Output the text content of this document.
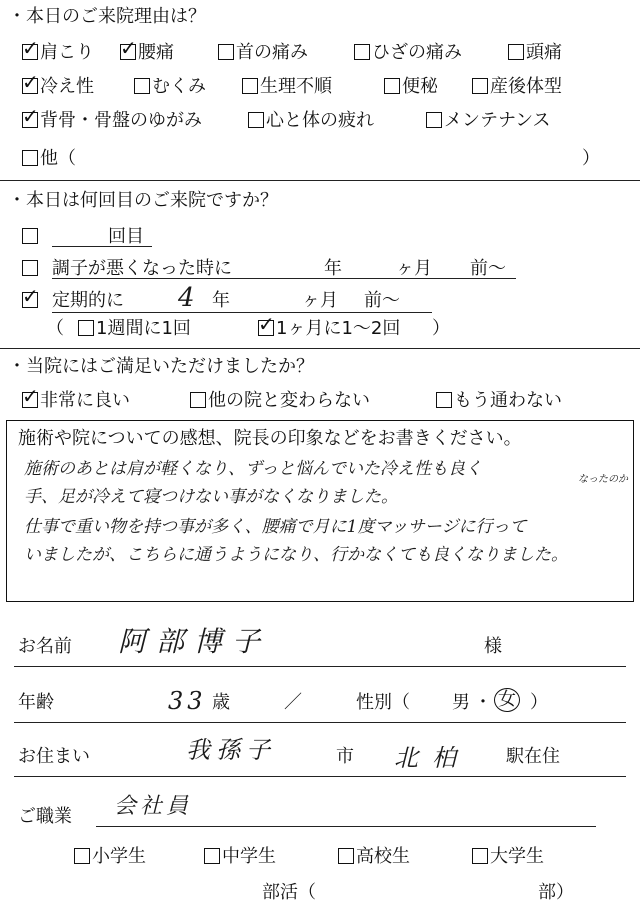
・本日のご来院理由は？
✓肩こり ✓	腰痛	首の痛み	ひざの痛み	頭痛
✓冷え性	むくみ	生理不順	便秘	産後体型
✓背骨・骨盤のゆがみ	心と体の疲れ	メンテナンス
他（	）
・本日は何回目のご来院ですか？
回目
調子が悪くなった時に	年	ヶ月 前～
✓
定期的に 4 年	ヶ月 前～
（	1週間に1回 ✓	1ヶ月に1～2回 ）
・当院にはご満足いただけましたか？
✓非常に良い	他の院と変わらない	もう通わない
施術や院についての感想、院長の印象などをお書きください。
施術のあとは肩が軽くなり、ずっと悩んでいた冷え性も良く
なったのか
手、足が冷えて寝つけない事がなくなりました。
仕事で重い物を持つ事が多く、腰痛で月に1度マッサージに行って
いましたが、こちらに通うようになり、行かなくても良くなりました。
お名前 阿部博子	様
年齢	33 歳	／	性別（ 男 ・ 女 ）
お住まい	我孫子	市 北柏 駅在住
ご職業 会社員
小学生	中学生	高校生	大学生
部活（	部）
